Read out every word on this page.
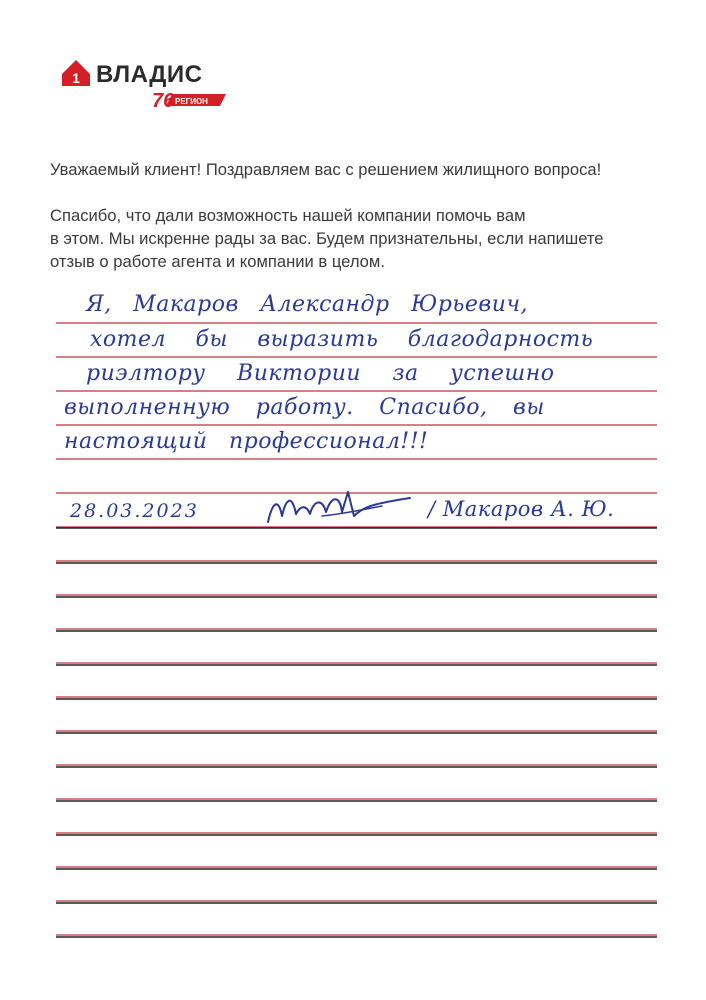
1 ВЛАДИС
76 РЕГИОН

Уважаемый клиент! Поздравляем вас с решением жилищного вопроса!

Спасибо, что дали возможность нашей компании помочь вам
в этом. Мы искренне рады за вас. Будем признательны, если напишете
отзыв о работе агента и компании в целом.
Я, Макаров Александр Юрьевич,
хотел бы выразить благодарность
риэлтору Виктории за успешно
выполненную работу. Спасибо, вы
настоящий профессионал!!!
28.03.2023	/ Макаров А. Ю.
